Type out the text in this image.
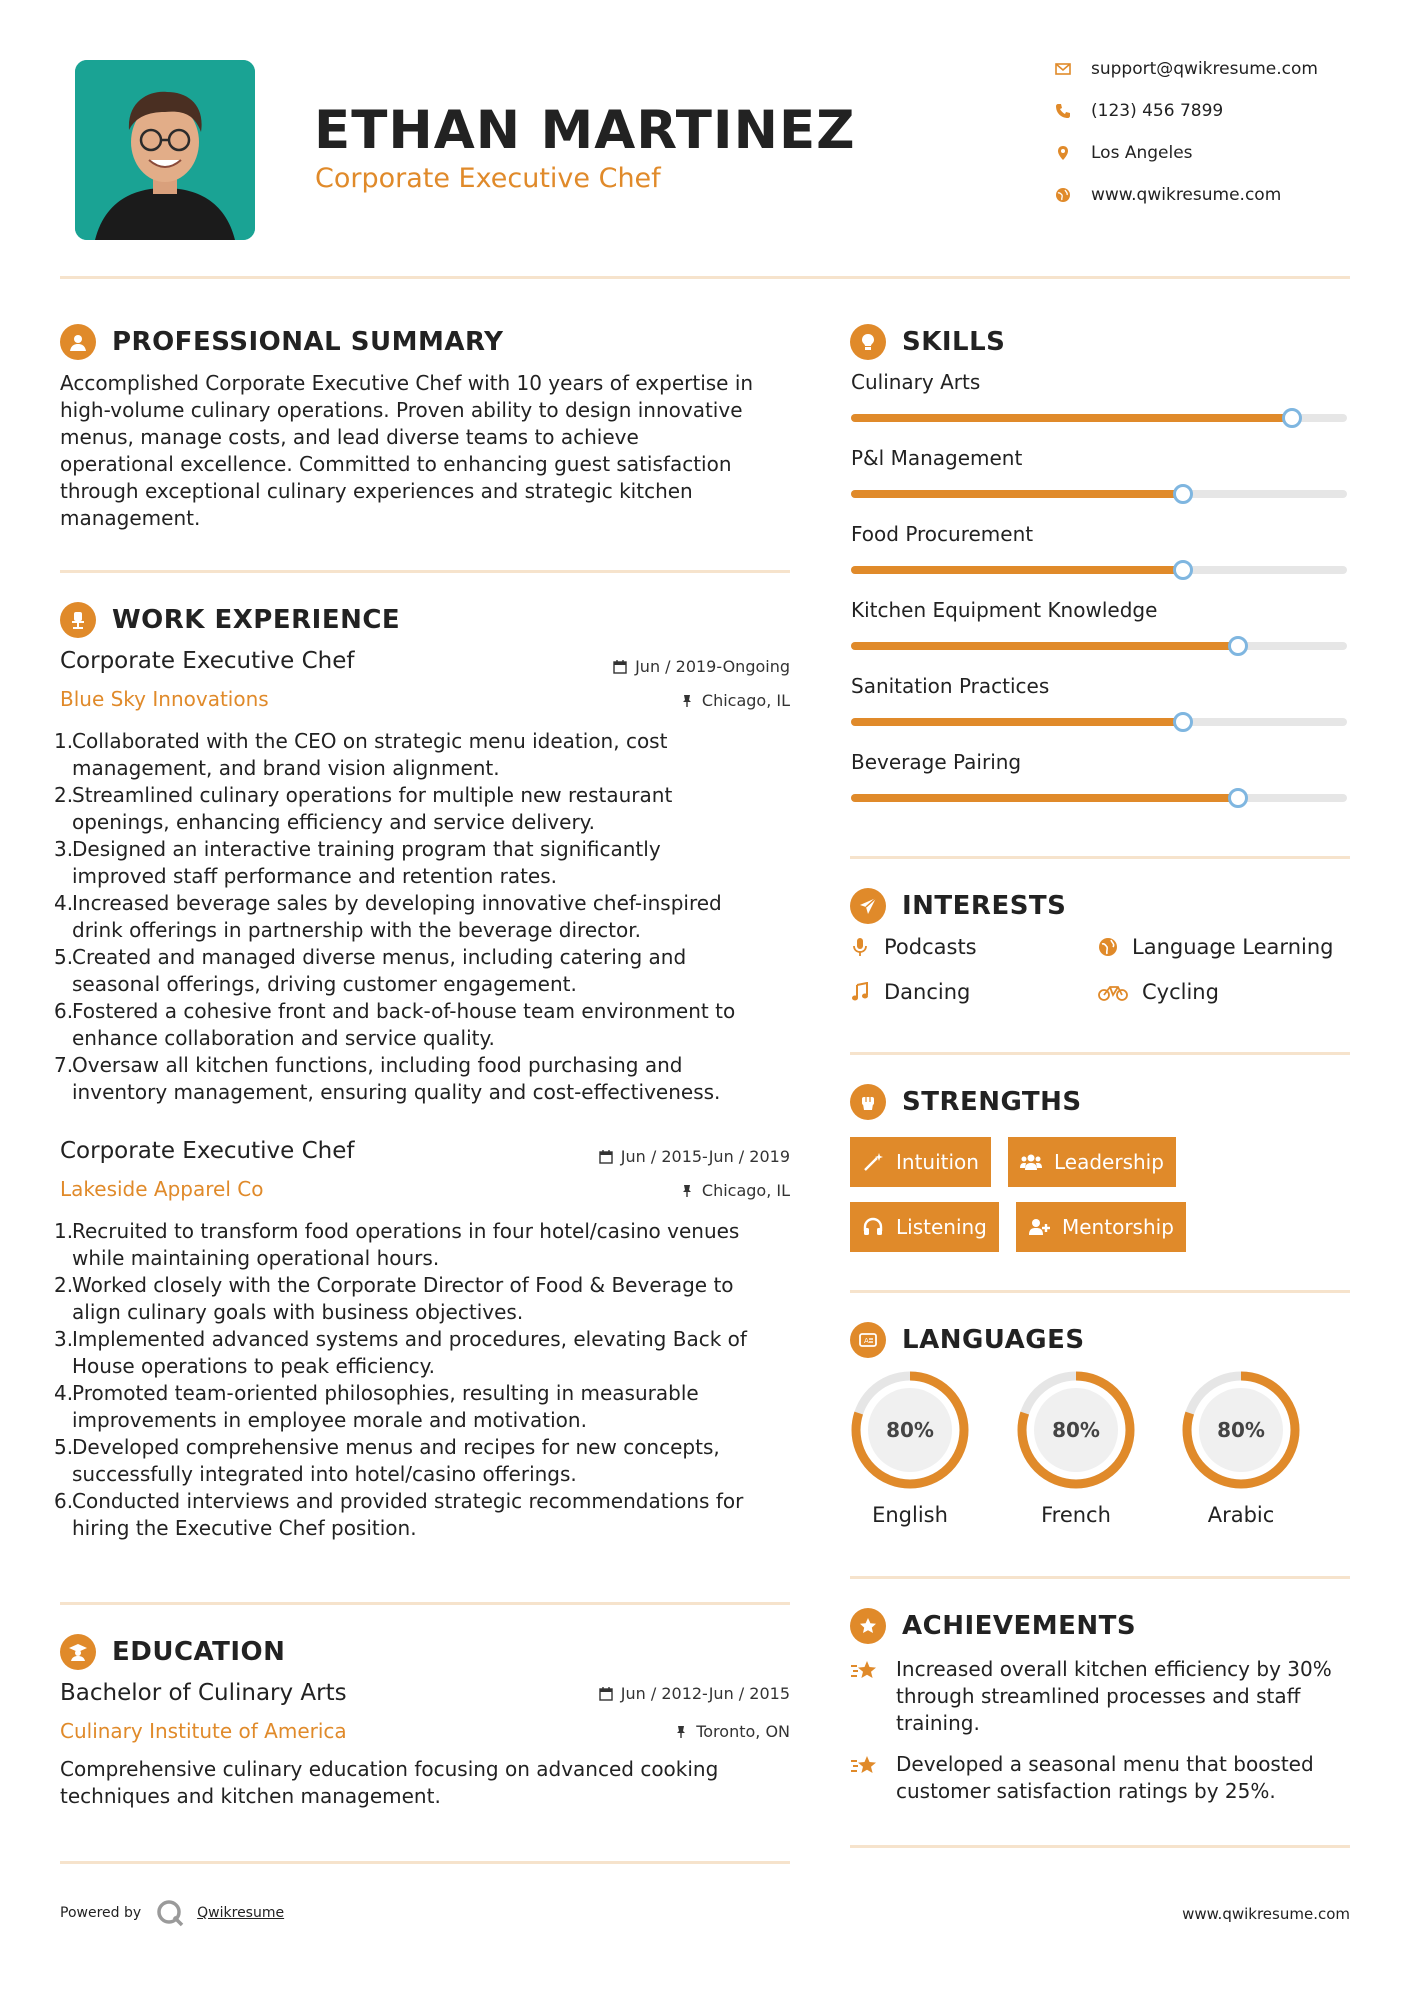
ETHAN MARTINEZ
Corporate Executive Chef
support@qwikresume.com
(123) 456 7899
Los Angeles
www.qwikresume.com
PROFESSIONAL SUMMARY
Accomplished Corporate Executive Chef with 10 years of expertise in
high-volume culinary operations. Proven ability to design innovative
menus, manage costs, and lead diverse teams to achieve
operational excellence. Committed to enhancing guest satisfaction
through exceptional culinary experiences and strategic kitchen
management.
WORK EXPERIENCE
Corporate Executive Chef	Jun / 2019-Ongoing
Blue Sky Innovations	Chicago, IL
1.
Collaborated with the CEO on strategic menu ideation, cost
management, and brand vision alignment.
2.
Streamlined culinary operations for multiple new restaurant
openings, enhancing efficiency and service delivery.
3.
Designed an interactive training program that significantly
improved staff performance and retention rates.
4.
Increased beverage sales by developing innovative chef-inspired
drink offerings in partnership with the beverage director.
5.
Created and managed diverse menus, including catering and
seasonal offerings, driving customer engagement.
6.
Fostered a cohesive front and back-of-house team environment to
enhance collaboration and service quality.
7.
Oversaw all kitchen functions, including food purchasing and
inventory management, ensuring quality and cost-effectiveness.
Corporate Executive Chef	Jun / 2015-Jun / 2019
Lakeside Apparel Co	Chicago, IL
1.
Recruited to transform food operations in four hotel/casino venues
while maintaining operational hours.
2.
Worked closely with the Corporate Director of Food & Beverage to
align culinary goals with business objectives.
3.
Implemented advanced systems and procedures, elevating Back of
House operations to peak efficiency.
4.
Promoted team-oriented philosophies, resulting in measurable
improvements in employee morale and motivation.
5.
Developed comprehensive menus and recipes for new concepts,
successfully integrated into hotel/casino offerings.
6.
Conducted interviews and provided strategic recommendations for
hiring the Executive Chef position.
EDUCATION
Bachelor of Culinary Arts	Jun / 2012-Jun / 2015
Culinary Institute of America	Toronto, ON
Comprehensive culinary education focusing on advanced cooking
techniques and kitchen management.
SKILLS
Culinary Arts
P&l Management
Food Procurement
Kitchen Equipment Knowledge
Sanitation Practices
Beverage Pairing
INTERESTS
Podcasts	Language Learning
Dancing	Cycling
STRENGTHS
Intuition	Leadership
Listening	Mentorship
A LANGUAGES
80%
English
80%
French
80%
Arabic
ACHIEVEMENTS
Increased overall kitchen efficiency by 30%
through streamlined processes and staff
training.
Developed a seasonal menu that boosted
customer satisfaction ratings by 25%.
Powered by	Qwikresume	www.qwikresume.com
